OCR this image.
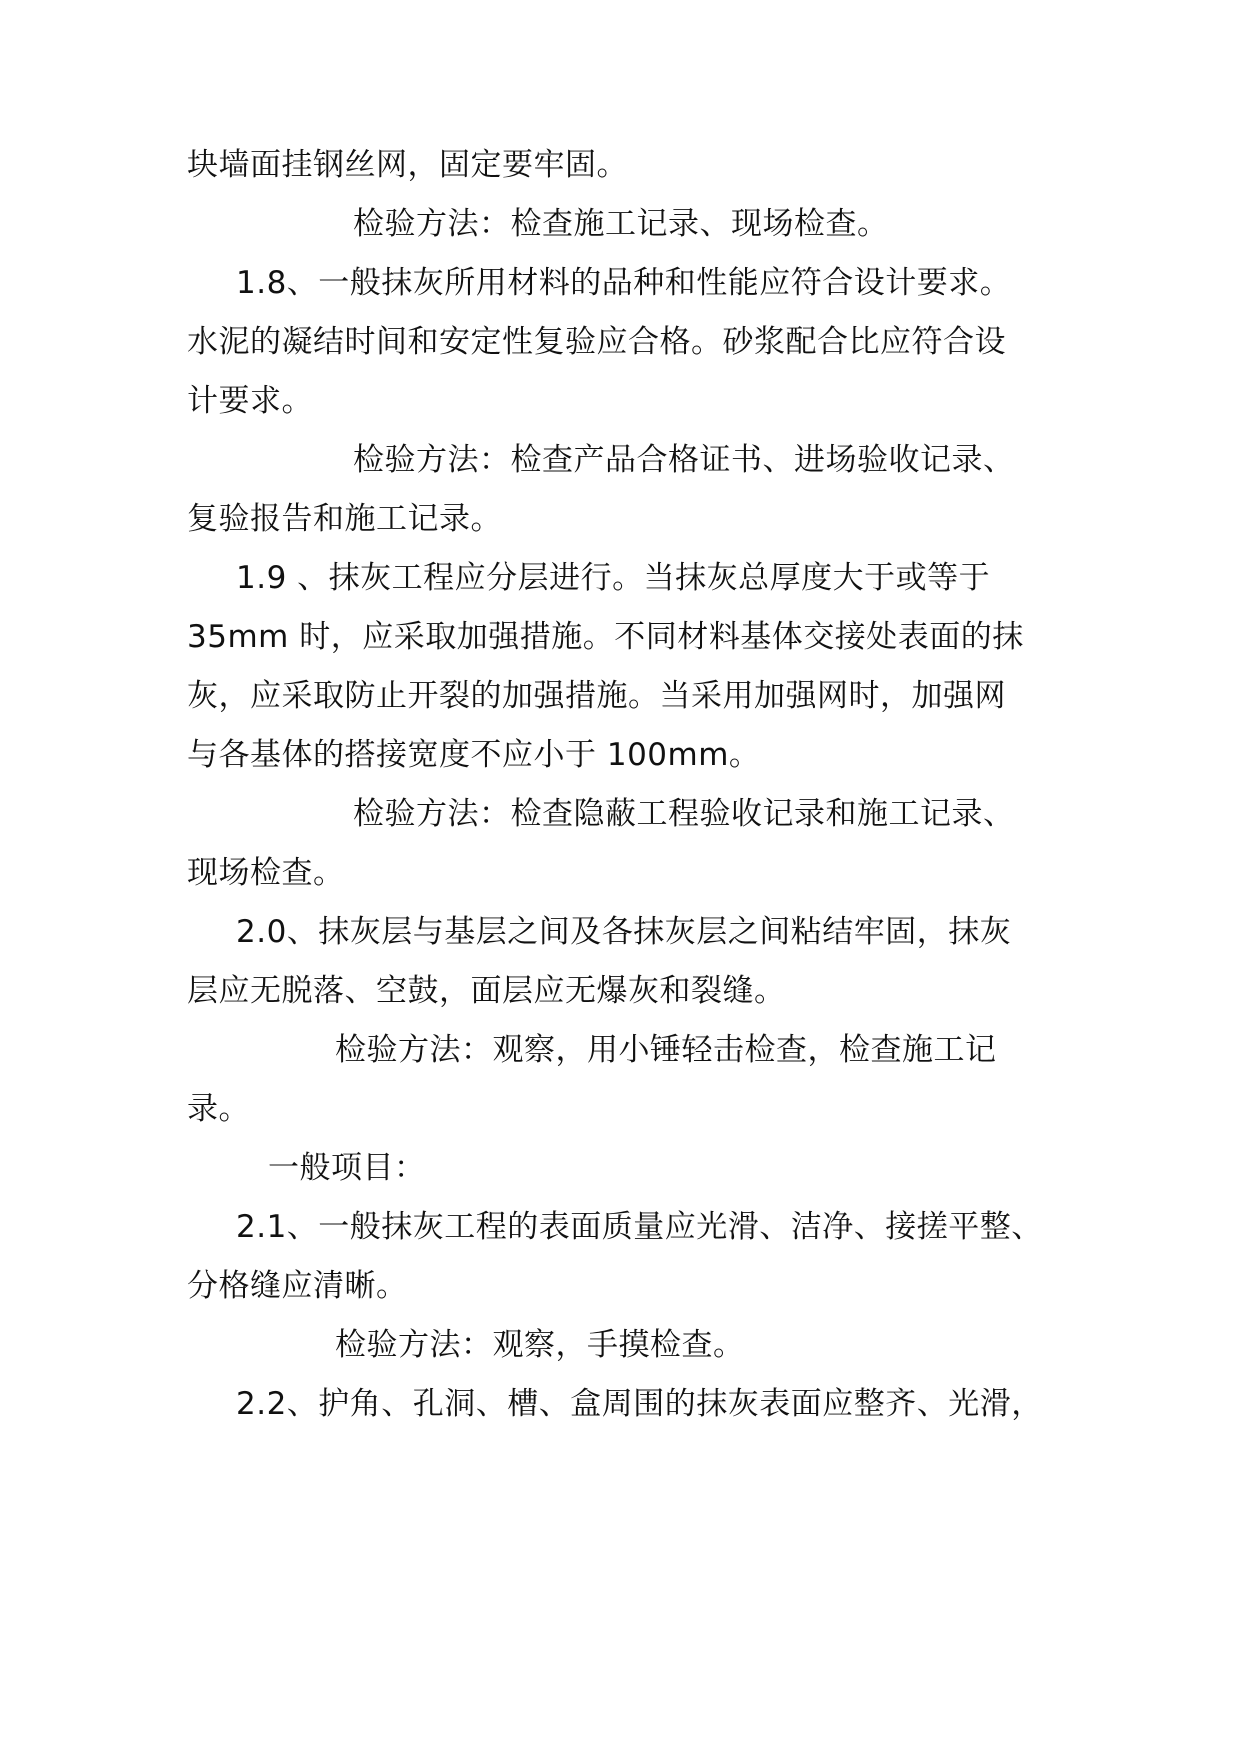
块墙面挂钢丝网，固定要牢固。
检验方法：检查施工记录、现场检查。
1.8、一般抹灰所用材料的品种和性能应符合设计要求。
水泥的凝结时间和安定性复验应合格。砂浆配合比应符合设
计要求。
检验方法：检查产品合格证书、进场验收记录、
复验报告和施工记录。
1.9 、抹灰工程应分层进行。当抹灰总厚度大于或等于
35mm 时，应采取加强措施。不同材料基体交接处表面的抹
灰，应采取防止开裂的加强措施。当采用加强网时，加强网
与各基体的搭接宽度不应小于 100mm。
检验方法：检查隐蔽工程验收记录和施工记录、
现场检查。
2.0、抹灰层与基层之间及各抹灰层之间粘结牢固，抹灰
层应无脱落、空鼓，面层应无爆灰和裂缝。
检验方法：观察，用小锤轻击检查，检查施工记
录。
一般项目：
2.1、一般抹灰工程的表面质量应光滑、洁净、接搓平整、
分格缝应清晰。
检验方法：观察，手摸检查。
2.2、护角、孔洞、槽、盒周围的抹灰表面应整齐、光滑，
